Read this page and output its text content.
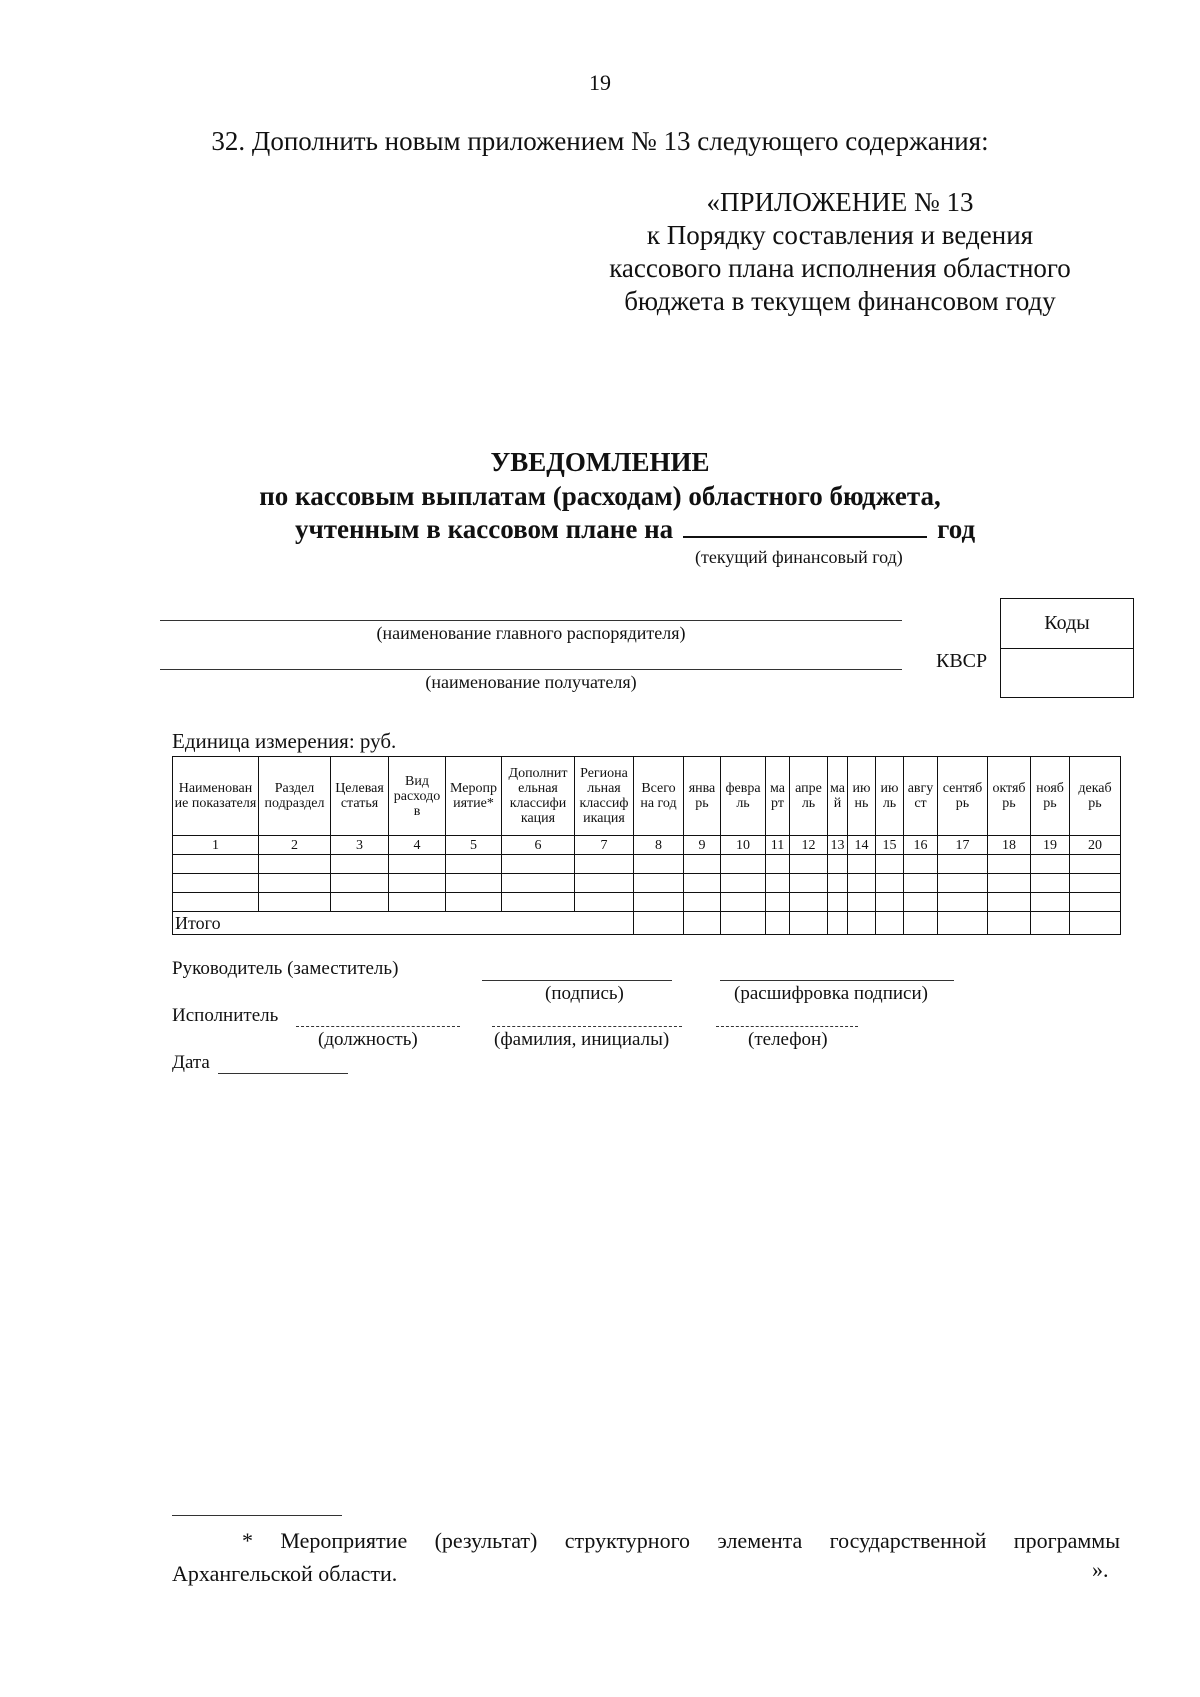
19
32. Дополнить новым приложением № 13 следующего содержания:
«ПРИЛОЖЕНИЕ № 13
к Порядку составления и ведения
кассового плана исполнения областного
бюджета в текущем финансовом году
УВЕДОМЛЕНИЕ
по кассовым выплатам (расходам) областного бюджета,
учтенным в кассовом плане на	год
(текущий финансовый год)
(наименование главного распорядителя)
(наименование получателя)
Коды
КВСР
Единица измерения: руб.
Наименован ие показателя	Раздел подраздел	Целевая статья	Вид расходо в	Меропр иятие*	Дополнит ельная классифи кация	Регионa льная классиф икация	Всего на год	янва рь	февра ль	ма рт	апре ль	ма й	ию нь	ию ль	авгу ст	сентяб рь	октяб рь	нояб рь	декаб рь
1	2	3	4	5	6	7	8	9	10	11	12	13	14	15	16	17	18	19	20

Итого																			
Руководитель (заместитель)
(подпись)	(расшифровка подписи)
Исполнитель
(должность)	(фамилия, инициалы)	(телефон)
Дата
* Мероприятие (результат) структурного элемента государственной программы Архангельской области.	».
